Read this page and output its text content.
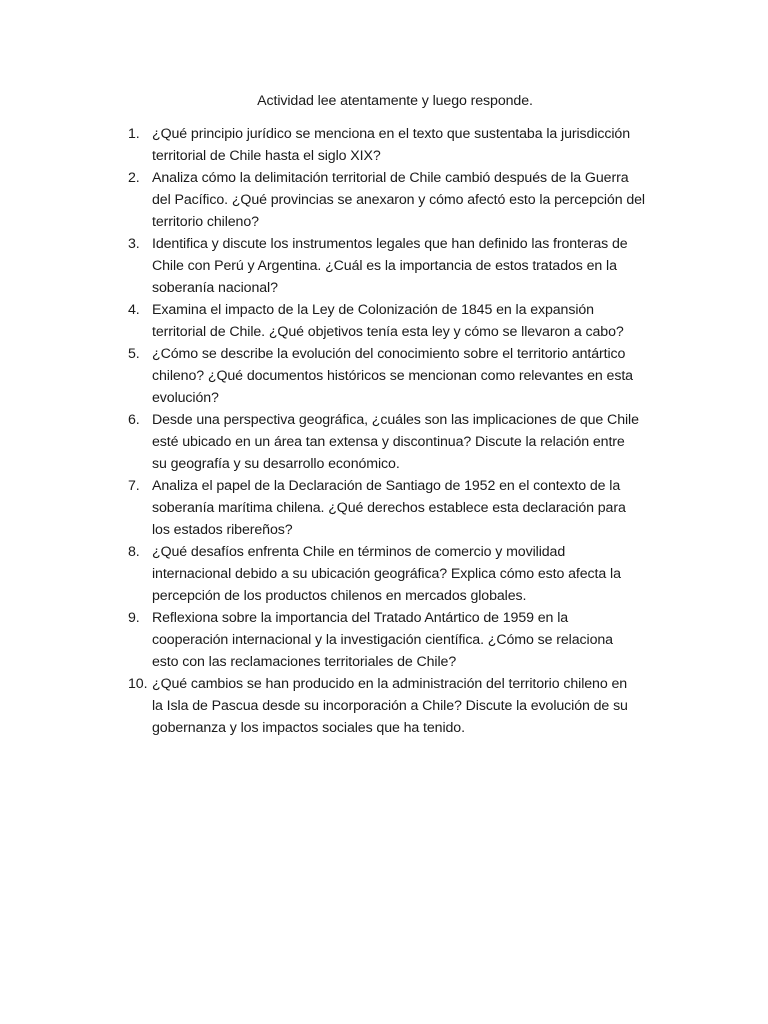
Actividad lee atentamente y luego responde.
1. ¿Qué principio jurídico se menciona en el texto que sustentaba la jurisdicción
territorial de Chile hasta el siglo XIX?
2. Analiza cómo la delimitación territorial de Chile cambió después de la Guerra
del Pacífico. ¿Qué provincias se anexaron y cómo afectó esto la percepción del
territorio chileno?
3. Identifica y discute los instrumentos legales que han definido las fronteras de
Chile con Perú y Argentina. ¿Cuál es la importancia de estos tratados en la
soberanía nacional?
4. Examina el impacto de la Ley de Colonización de 1845 en la expansión
territorial de Chile. ¿Qué objetivos tenía esta ley y cómo se llevaron a cabo?
5. ¿Cómo se describe la evolución del conocimiento sobre el territorio antártico
chileno? ¿Qué documentos históricos se mencionan como relevantes en esta
evolución?
6. Desde una perspectiva geográfica, ¿cuáles son las implicaciones de que Chile
esté ubicado en un área tan extensa y discontinua? Discute la relación entre
su geografía y su desarrollo económico.
7. Analiza el papel de la Declaración de Santiago de 1952 en el contexto de la
soberanía marítima chilena. ¿Qué derechos establece esta declaración para
los estados ribereños?
8. ¿Qué desafíos enfrenta Chile en términos de comercio y movilidad
internacional debido a su ubicación geográfica? Explica cómo esto afecta la
percepción de los productos chilenos en mercados globales.
9. Reflexiona sobre la importancia del Tratado Antártico de 1959 en la
cooperación internacional y la investigación científica. ¿Cómo se relaciona
esto con las reclamaciones territoriales de Chile?
10. ¿Qué cambios se han producido en la administración del territorio chileno en
la Isla de Pascua desde su incorporación a Chile? Discute la evolución de su
gobernanza y los impactos sociales que ha tenido.
